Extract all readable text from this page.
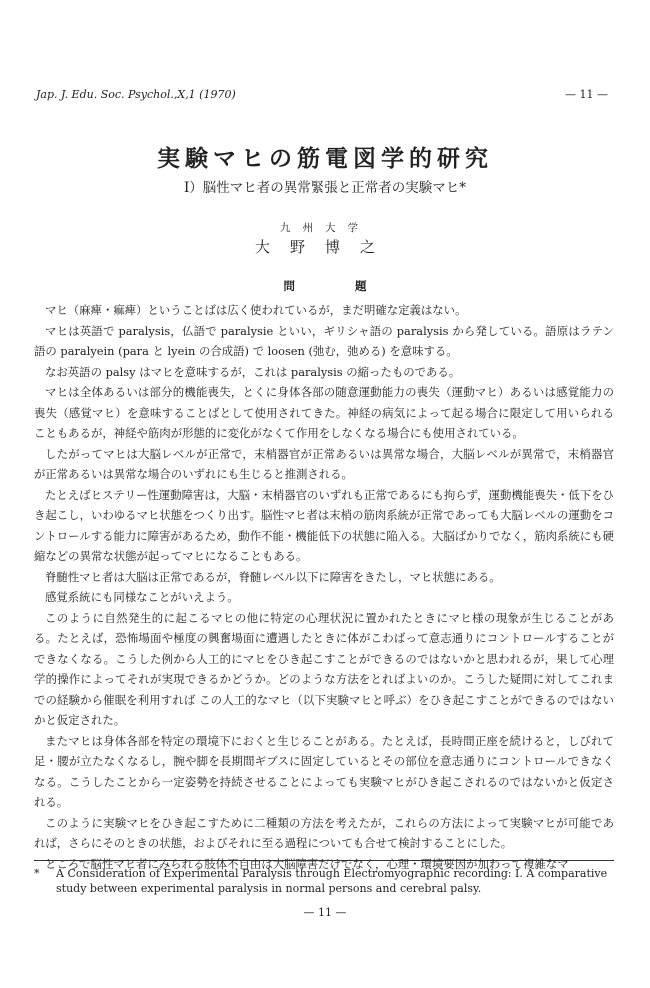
Jap. J. Edu. Soc. Psychol.,X,1 (1970)	— 11 —
実験マヒの筋電図学的研究
I）脳性マヒ者の異常緊張と正常者の実験マヒ*
九州大学
大野博之
問題

マヒ（麻痺・痲痺）ということばは広く使われているが，まだ明確な定義はない。

マヒは英語で paralysis，仏語で paralysie といい，ギリシャ語の paralysis から発している。語原はラテン語の paralyein (para と lyein の合成語) で loosen (弛む，弛める) を意味する。

なお英語の palsy はマヒを意味するが，これは paralysis の縮ったものである。

マヒは全体あるいは部分的機能喪失，とくに身体各部の随意運動能力の喪失（運動マヒ）あるいは感覚能力の喪失（感覚マヒ）を意味することばとして使用されてきた。神経の病気によって起る場合に限定して用いられることもあるが，神経や筋肉が形態的に変化がなくて作用をしなくなる場合にも使用されている。

したがってマヒは大脳レベルが正常で，末梢器官が正常あるいは異常な場合，大脳レベルが異常で，末梢器官が正常あるいは異常な場合のいずれにも生じると推測される。

たとえばヒステリー性運動障害は，大脳・末梢器官のいずれも正常であるにも拘らず，運動機能喪失・低下をひき起こし，いわゆるマヒ状態をつくり出す。脳性マヒ者は末梢の筋肉系統が正常であっても大脳レベルの運動をコントロールする能力に障害があるため，動作不能・機能低下の状態に陥入る。大脳ばかりでなく，筋肉系統にも硬縮などの異常な状態が起ってマヒになることもある。

脊髄性マヒ者は大脳は正常であるが，脊髄レベル以下に障害をきたし，マヒ状態にある。

感覚系統にも同様なことがいえよう。

このように自然発生的に起こるマヒの他に特定の心理状況に置かれたときにマヒ様の現象が生じることがある。たとえば，恐怖場面や極度の興奮場面に遭遇したときに体がこわばって意志通りにコントロールすることができなくなる。こうした例から人工的にマヒをひき起こすことができるのではないかと思われるが，果して心理学的操作によってそれが実現できるかどうか。どのような方法をとればよいのか。こうした疑問に対してこれまでの経験から催眠を利用すれば この人工的なマヒ（以下実験マヒと呼ぶ）をひき起こすことができるのではないかと仮定された。

またマヒは身体各部を特定の環境下におくと生じることがある。たとえば，長時間正座を続けると，しびれて足・腰が立たなくなるし，腕や脚を長期間ギブスに固定しているとその部位を意志通りにコントロールできなくなる。こうしたことから一定姿勢を持続させることによっても実験マヒがひき起こされるのではないかと仮定される。

このように実験マヒをひき起こすために二種類の方法を考えたが，これらの方法によって実験マヒが可能であれば，さらにそのときの状態，およびそれに至る過程についても合せて検討することにした。

ところで脳性マヒ者にみられる肢体不自由は大脳障害だけでなく，心理・環境要因が加わって複雑なマ

*	A Consideration of Experimental Paralysis through Electromyographic recording: I. A comparative study between experimental paralysis in normal persons and cerebral palsy.
— 11 —
